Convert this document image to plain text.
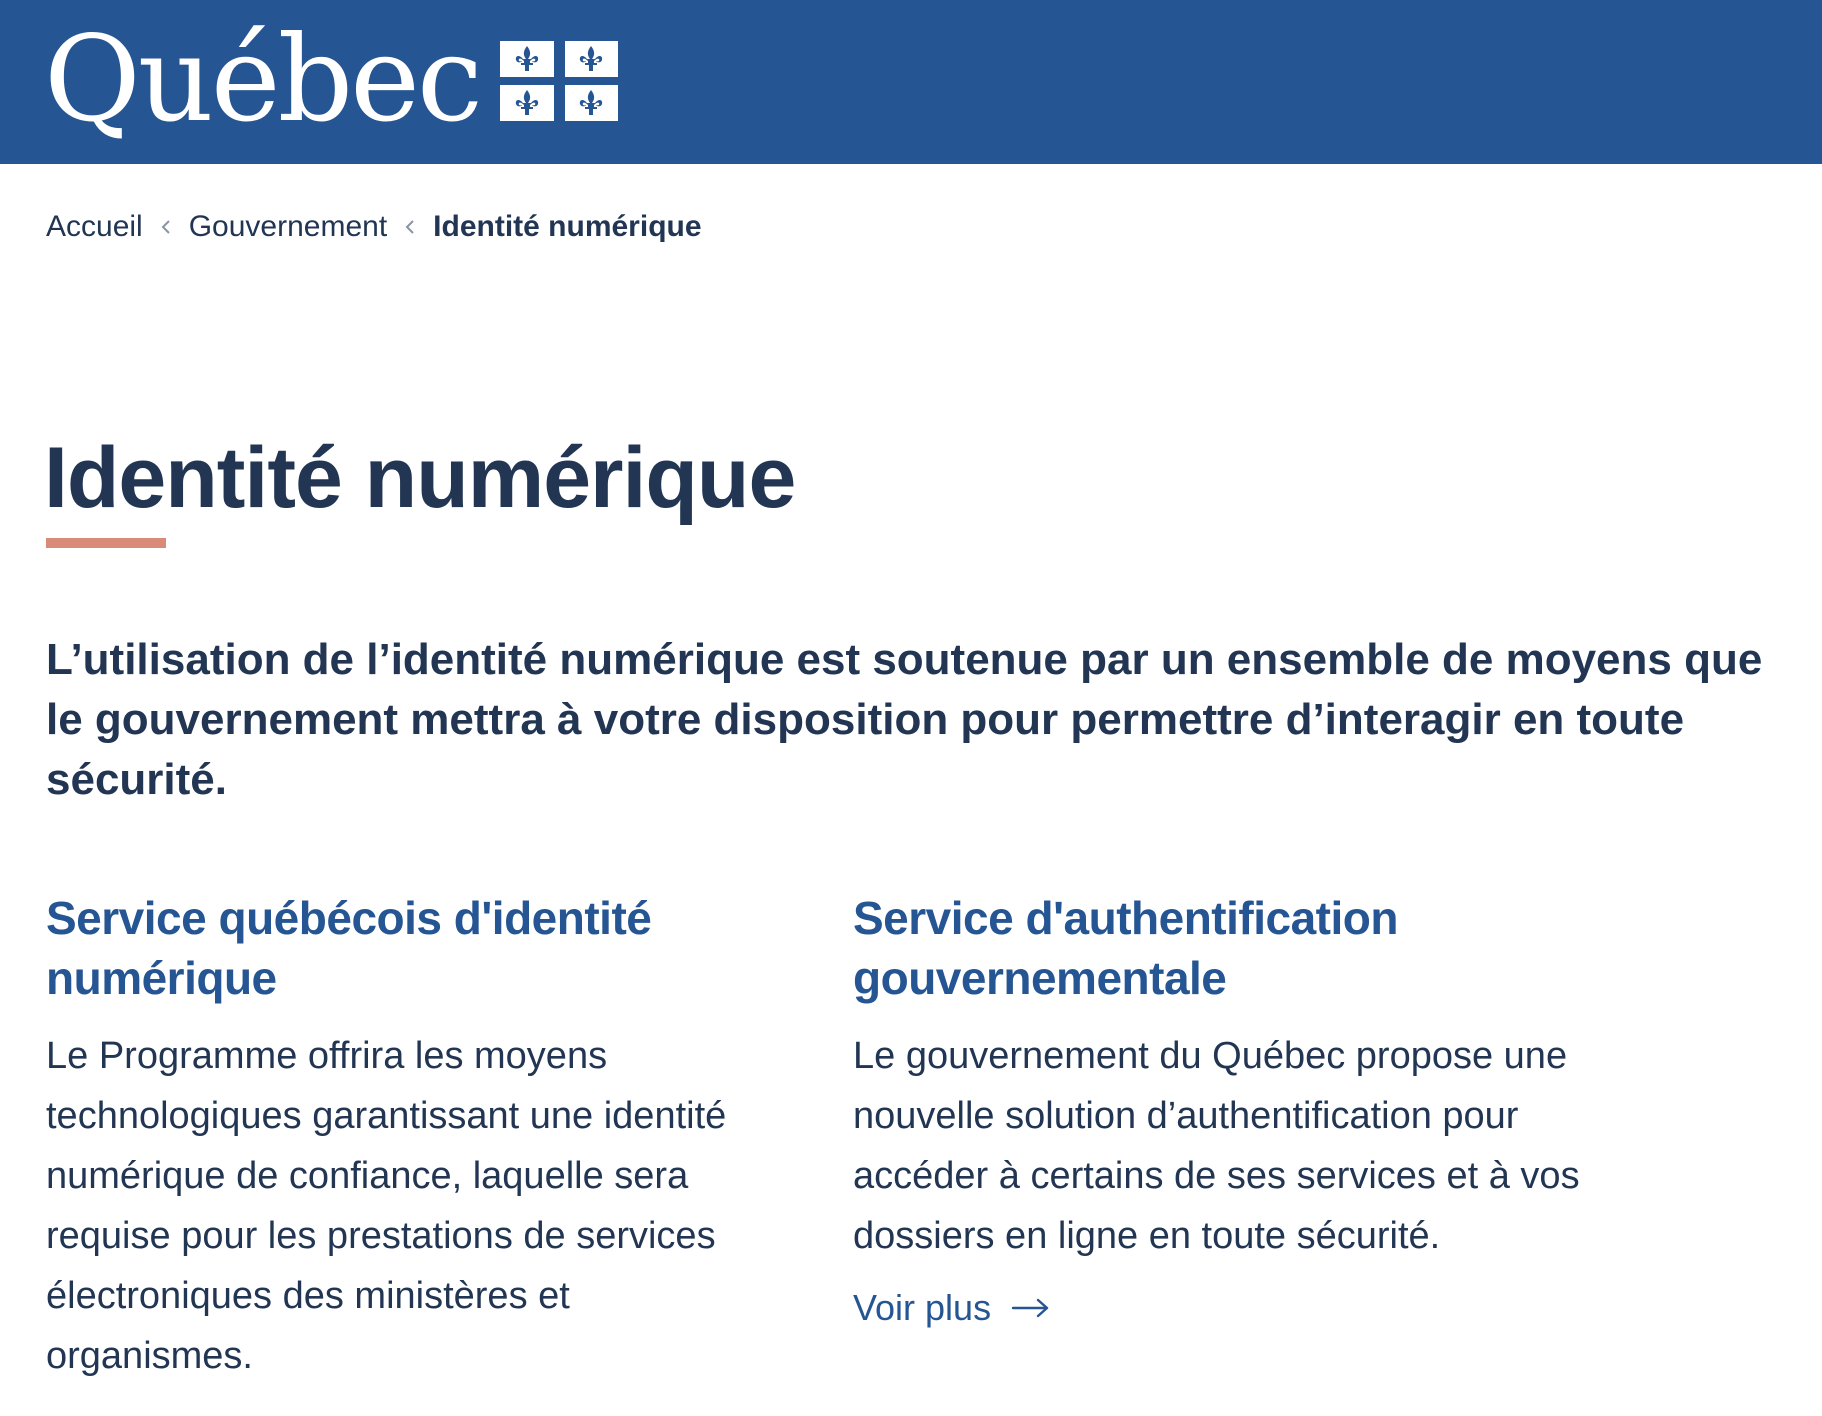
Québec
Accueil Gouvernement Identité numérique
Identité numérique

L’utilisation de l’identité numérique est soutenue par un ensemble de moyens que le gouvernement mettra à votre disposition pour permettre d’interagir en toute sécurité.

Service québécois d'identité numérique

Le Programme offrira les moyens technologiques garantissant une identité numérique de confiance, laquelle sera requise pour les prestations de services électroniques des ministères et organismes.

Service d'authentification gouvernementale

Le gouvernement du Québec propose une nouvelle solution d’authentification pour accéder à certains de ses services et à vos dossiers en ligne en toute sécurité.

Voir plus
